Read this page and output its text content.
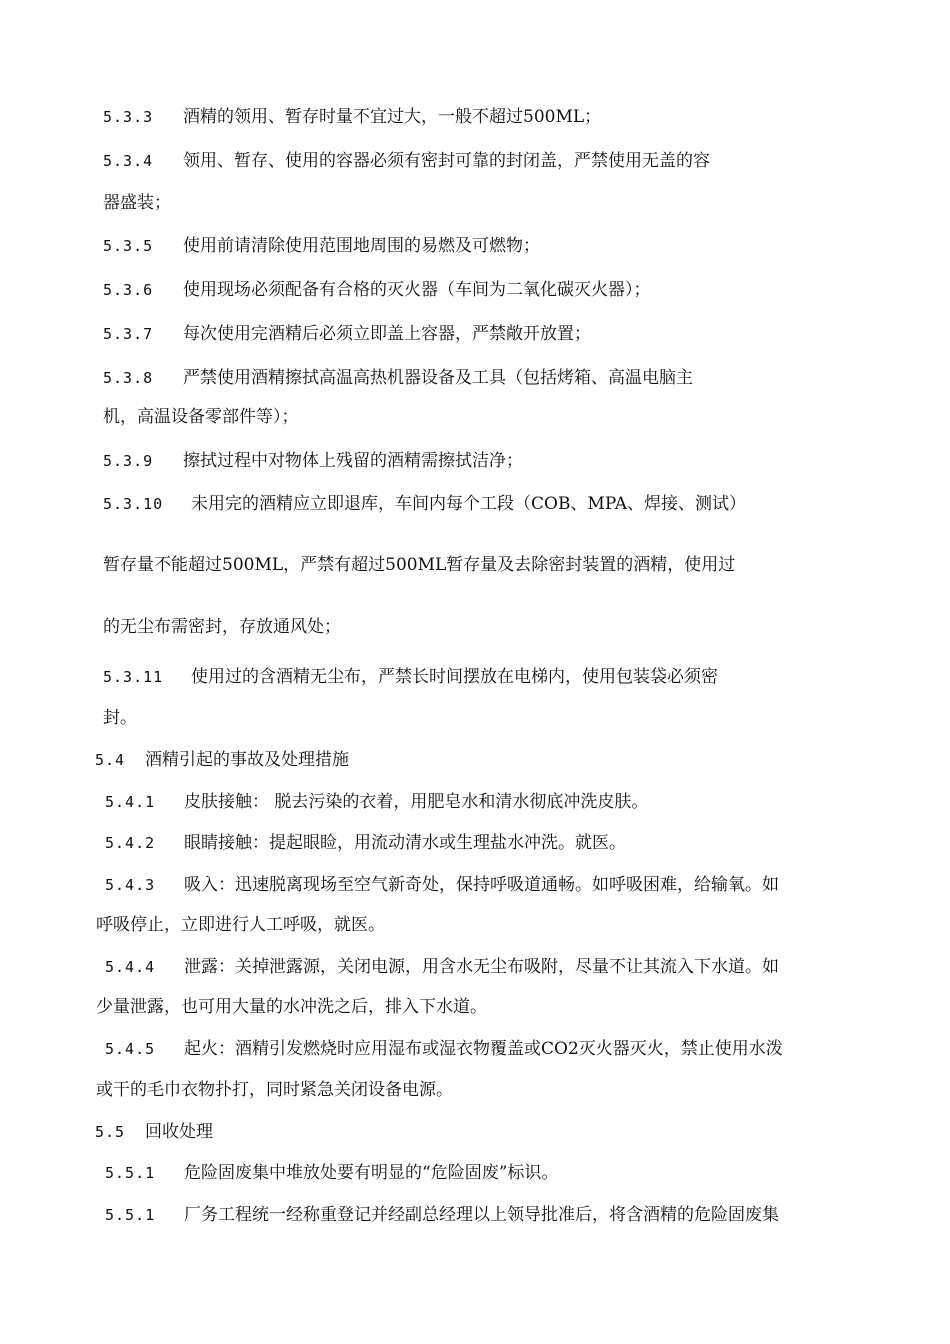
5.3.3 酒精的领用、暂存时量不宜过大，一般不超过500ML；
5.3.4 领用、暂存、使用的容器必须有密封可靠的封闭盖，严禁使用无盖的容
器盛装；
5.3.5 使用前请清除使用范围地周围的易燃及可燃物；
5.3.6 使用现场必须配备有合格的灭火器（车间为二氧化碳灭火器）；
5.3.7 每次使用完酒精后必须立即盖上容器，严禁敞开放置；
5.3.8 严禁使用酒精擦拭高温高热机器设备及工具（包括烤箱、高温电脑主
机，高温设备零部件等）；
5.3.9 擦拭过程中对物体上残留的酒精需擦拭洁净；
5.3.10 未用完的酒精应立即退库，车间内每个工段（COB、MPA、焊接、测试）
暂存量不能超过500ML，严禁有超过500ML暂存量及去除密封装置的酒精，使用过
的无尘布需密封，存放通风处；
5.3.11 使用过的含酒精无尘布，严禁长时间摆放在电梯内，使用包装袋必须密
封。
5.4 酒精引起的事故及处理措施
5.4.1 皮肤接触： 脱去污染的衣着，用肥皂水和清水彻底冲洗皮肤。
5.4.2 眼睛接触：提起眼睑，用流动清水或生理盐水冲洗。就医。
5.4.3 吸入：迅速脱离现场至空气新奇处，保持呼吸道通畅。如呼吸困难，给输氧。如
呼吸停止，立即进行人工呼吸，就医。
5.4.4 泄露：关掉泄露源，关闭电源，用含水无尘布吸附，尽量不让其流入下水道。如
少量泄露，也可用大量的水冲洗之后，排入下水道。
5.4.5 起火：酒精引发燃烧时应用湿布或湿衣物覆盖或CO2灭火器灭火，禁止使用水泼
或干的毛巾衣物扑打，同时紧急关闭设备电源。
5.5 回收处理
5.5.1 危险固废集中堆放处要有明显的“危险固废”标识。
5.5.1 厂务工程统一经称重登记并经副总经理以上领导批准后，将含酒精的危险固废集
